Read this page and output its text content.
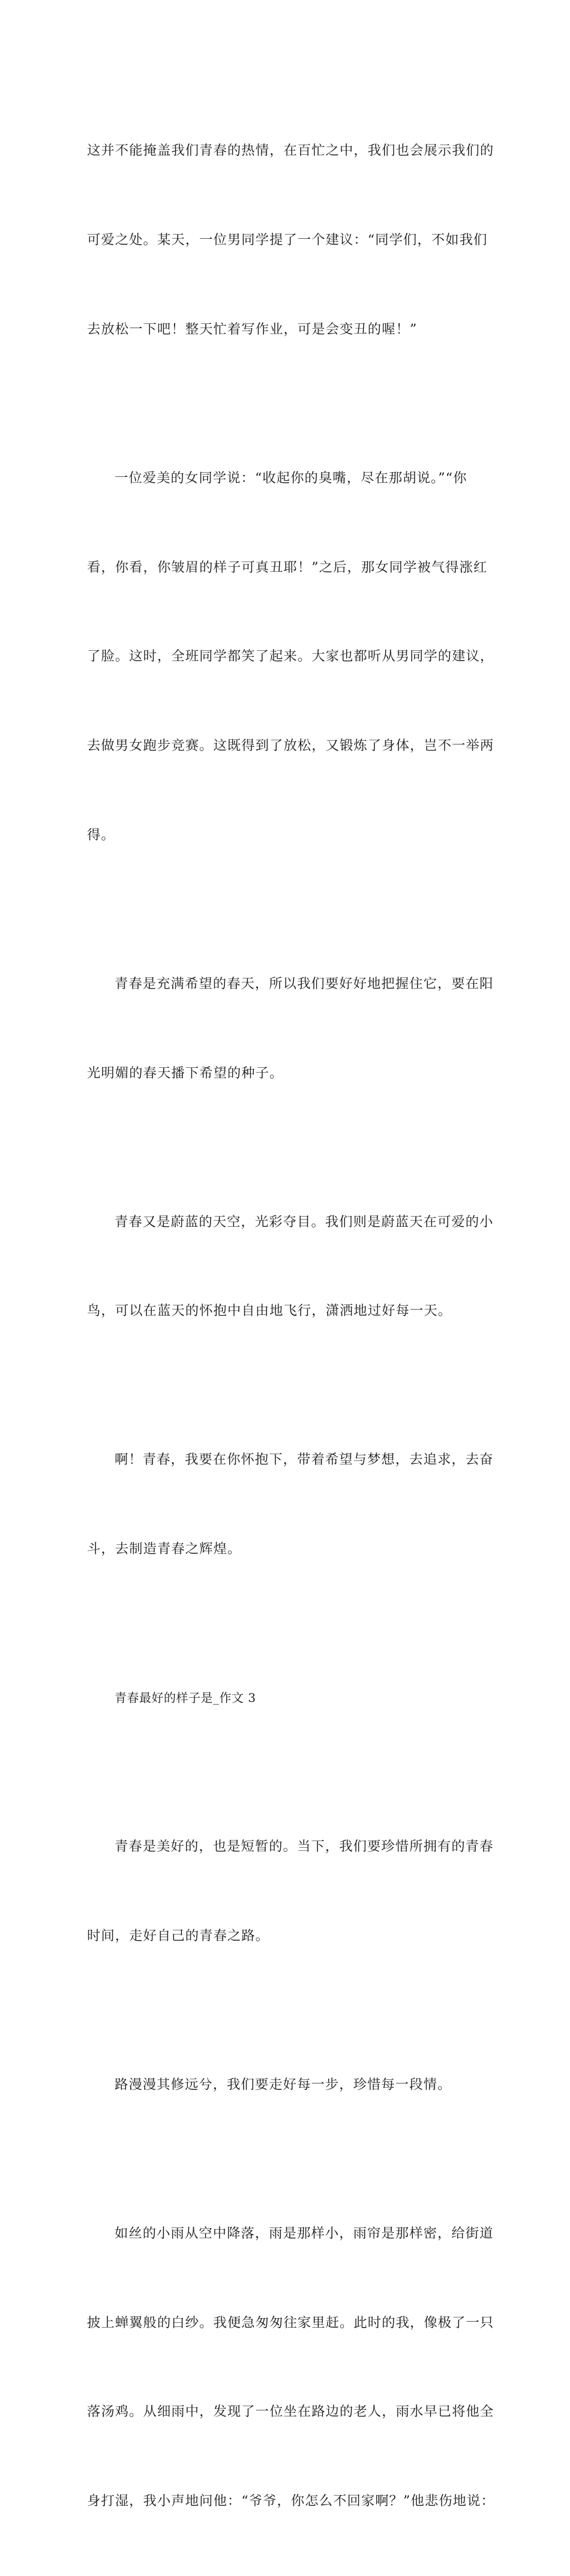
这并不能掩盖我们青春的热情，在百忙之中，我们也会展示我们的

可爱之处。某天，一位男同学提了一个建议：“同学们，不如我们

去放松一下吧！整天忙着写作业，可是会变丑的喔！”

一位爱美的女同学说：“收起你的臭嘴，尽在那胡说。”“你

看，你看，你皱眉的样子可真丑耶！”之后，那女同学被气得涨红

了脸。这时，全班同学都笑了起来。大家也都听从男同学的建议，

去做男女跑步竞赛。这既得到了放松，又锻炼了身体，岂不一举两

得。

青春是充满希望的春天，所以我们要好好地把握住它，要在阳

光明媚的春天播下希望的种子。

青春又是蔚蓝的天空，光彩夺目。我们则是蔚蓝天在可爱的小

鸟，可以在蓝天的怀抱中自由地飞行，潇洒地过好每一天。

啊！青春，我要在你怀抱下，带着希望与梦想，去追求，去奋

斗，去制造青春之辉煌。

青春最好的样子是_作文 3

青春是美好的，也是短暂的。当下，我们要珍惜所拥有的青春

时间，走好自己的青春之路。

路漫漫其修远兮，我们要走好每一步，珍惜每一段情。

如丝的小雨从空中降落，雨是那样小，雨帘是那样密，给街道

披上蝉翼般的白纱。我便急匆匆往家里赶。此时的我，像极了一只

落汤鸡。从细雨中，发现了一位坐在路边的老人，雨水早已将他全

身打湿，我小声地问他：“爷爷，你怎么不回家啊？”他悲伤地说：
